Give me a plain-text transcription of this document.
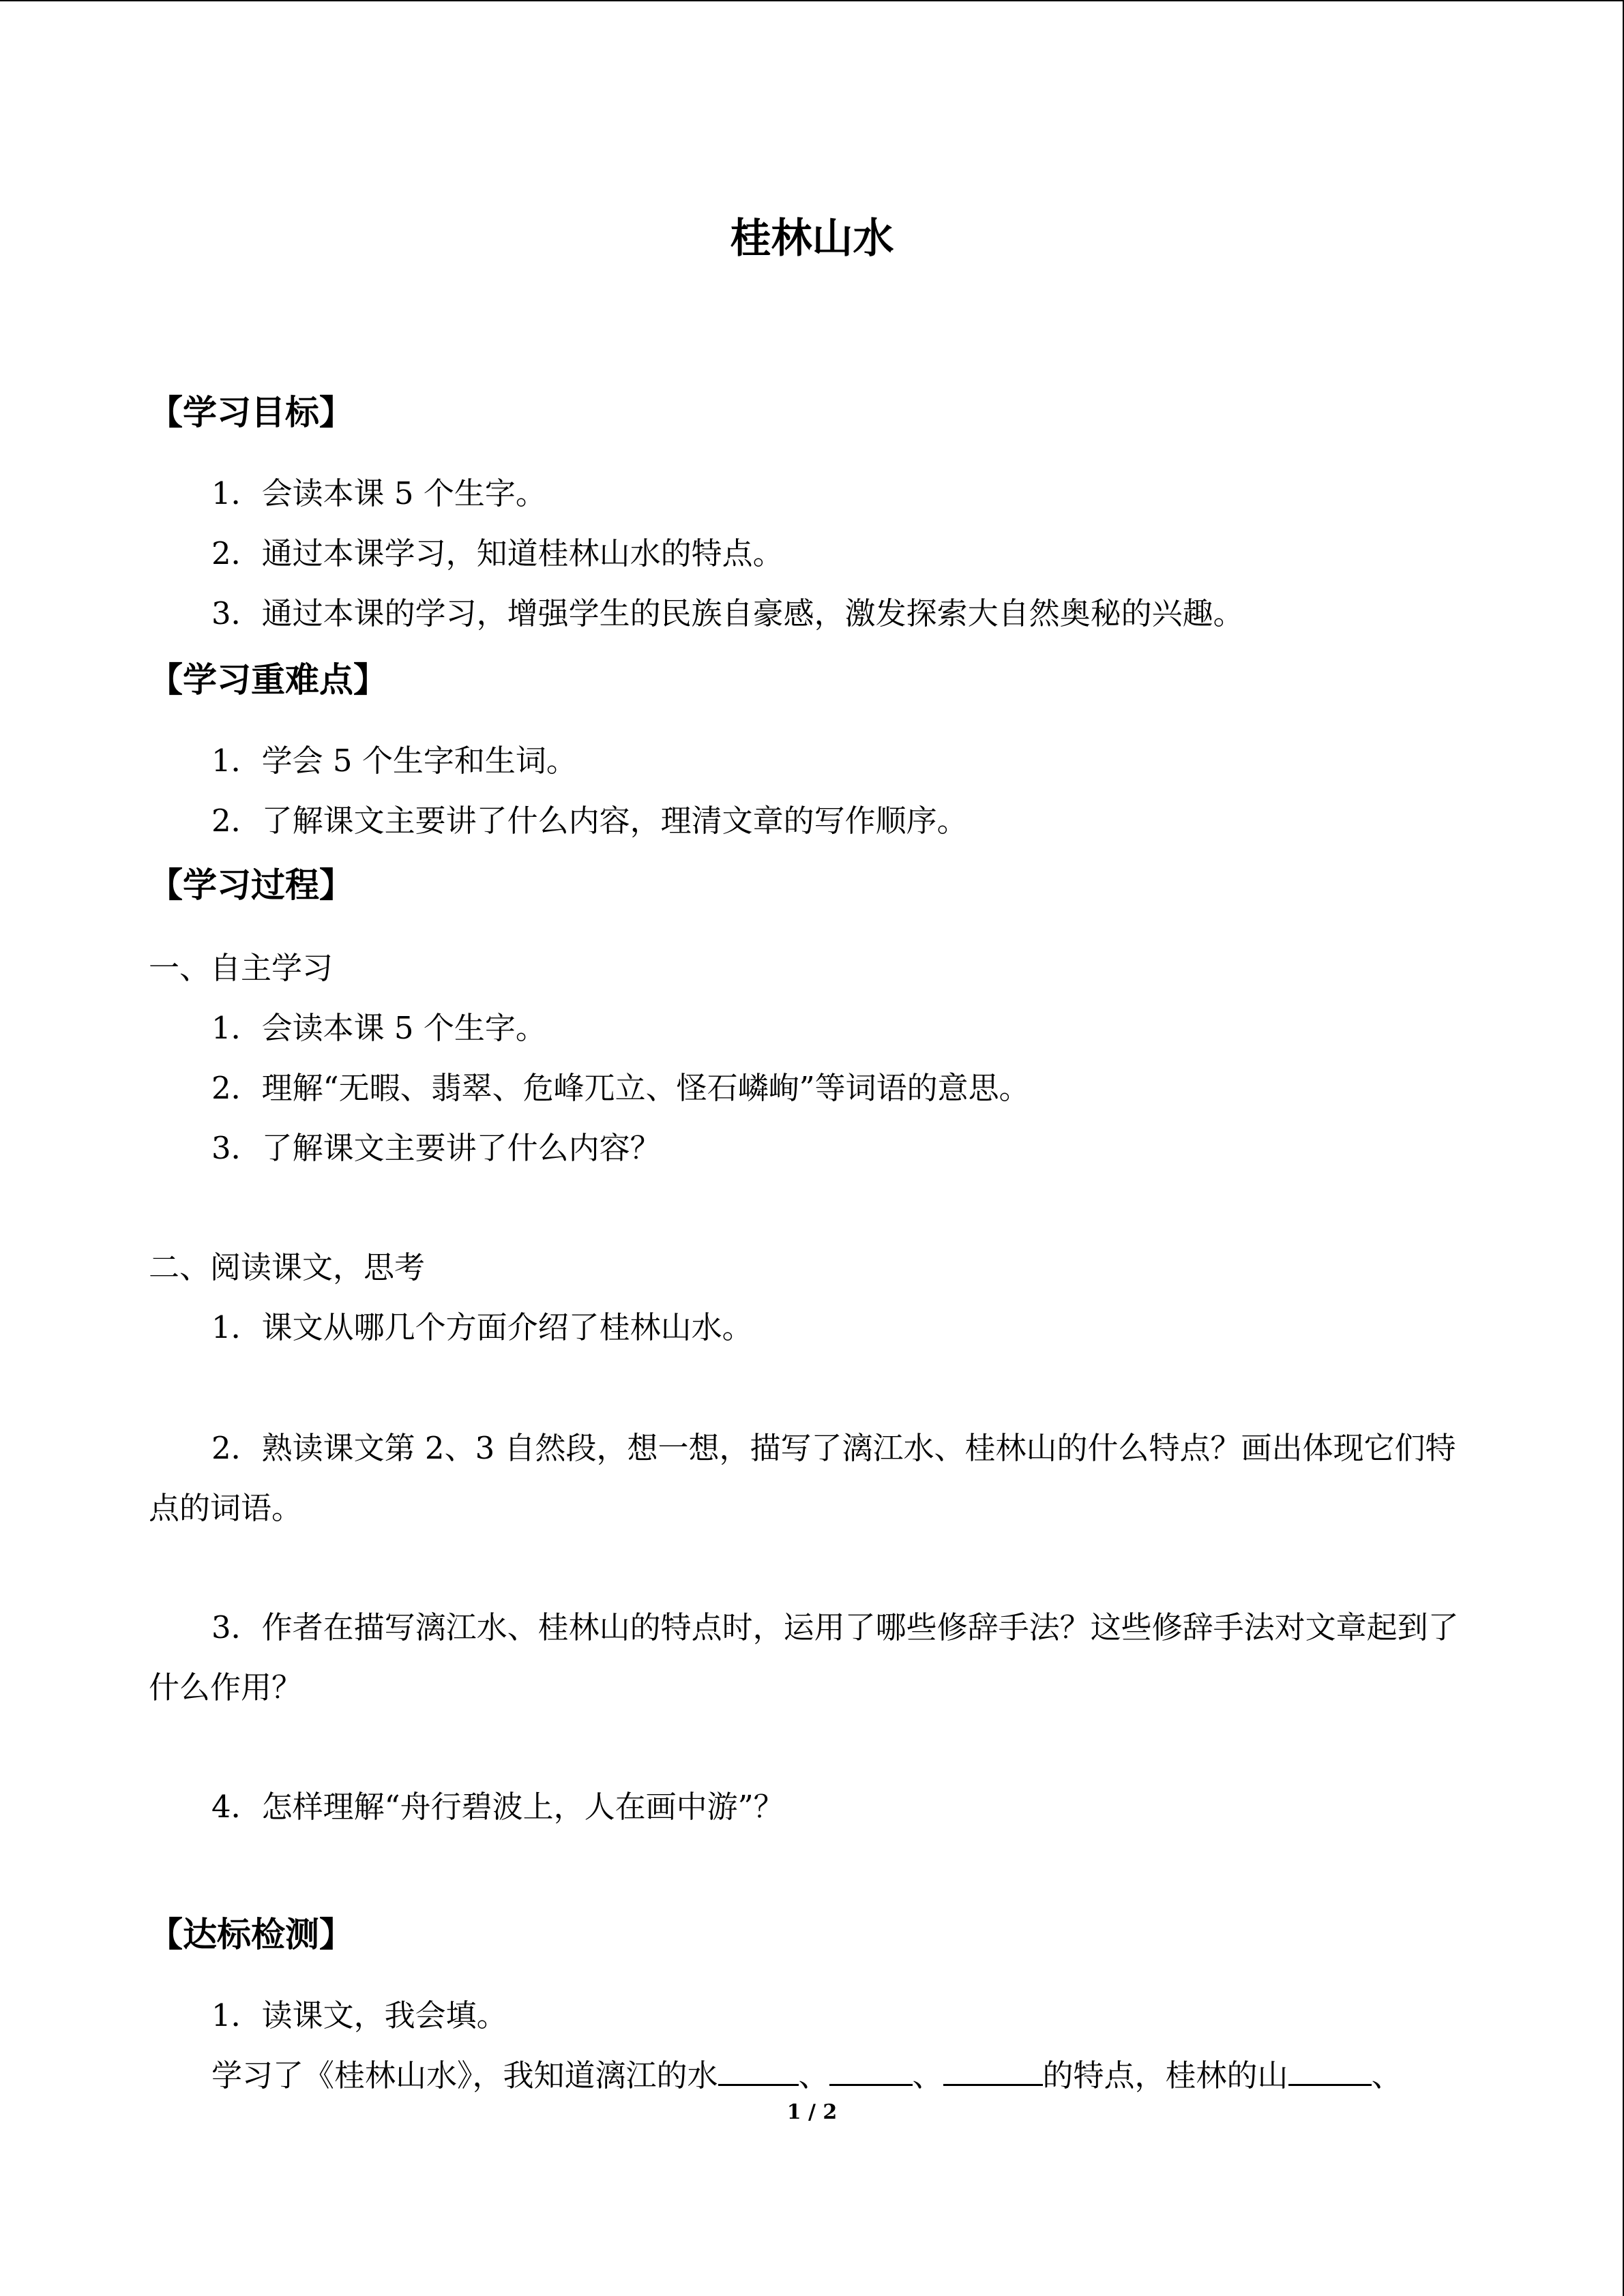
桂林山水
【学习目标】
1．会读本课 5 个生字。
2．通过本课学习，知道桂林山水的特点。
3．通过本课的学习，增强学生的民族自豪感，激发探索大自然奥秘的兴趣。
【学习重难点】
1．学会 5 个生字和生词。
2．了解课文主要讲了什么内容，理清文章的写作顺序。
【学习过程】
一、自主学习
1．会读本课 5 个生字。
2．理解“无暇、翡翠、危峰兀立、怪石嶙峋”等词语的意思。
3．了解课文主要讲了什么内容？
二、阅读课文，思考
1．课文从哪几个方面介绍了桂林山水。
2．熟读课文第 2、3 自然段，想一想，描写了漓江水、桂林山的什么特点？画出体现它们特点的词语。
3．作者在描写漓江水、桂林山的特点时，运用了哪些修辞手法？这些修辞手法对文章起到了什么作用？
4．怎样理解“舟行碧波上，人在画中游”？
【达标检测】
1．读课文，我会填。
学习了《桂林山水》，我知道漓江的水	、	、	的特点，桂林的山	、
1 / 2
